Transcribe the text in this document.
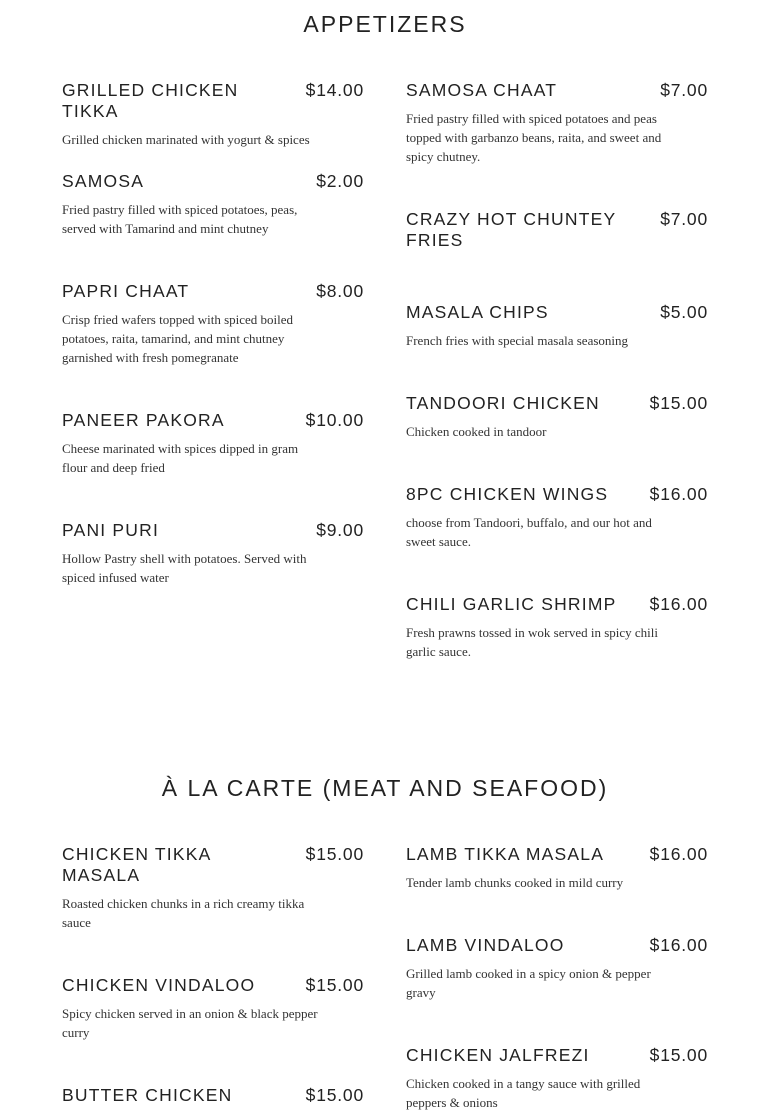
APPETIZERS
GRILLED CHICKEN TIKKA
$14.00
Grilled chicken marinated with yogurt & spices
SAMOSA	$2.00
Fried pastry filled with spiced potatoes, peas, served with Tamarind and mint chutney
PAPRI CHAAT	$8.00
Crisp fried wafers topped with spiced boiled potatoes, raita, tamarind, and mint chutney garnished with fresh pomegranate
PANEER PAKORA	$10.00
Cheese marinated with spices dipped in gram flour and deep fried
PANI PURI	$9.00
Hollow Pastry shell with potatoes. Served with spiced infused water
SAMOSA CHAAT	$7.00
Fried pastry filled with spiced potatoes and peas topped with garbanzo beans, raita, and sweet and spicy chutney.
CRAZY HOT CHUNTEY FRIES
$7.00
MASALA CHIPS	$5.00
French fries with special masala seasoning
TANDOORI CHICKEN	$15.00
Chicken cooked in tandoor
8PC CHICKEN WINGS	$16.00
choose from Tandoori, buffalo, and our hot and sweet sauce.
CHILI GARLIC SHRIMP	$16.00
Fresh prawns tossed in wok served in spicy chili garlic sauce.
À LA CARTE (MEAT AND SEAFOOD)
CHICKEN TIKKA MASALA
$15.00
Roasted chicken chunks in a rich creamy tikka sauce
CHICKEN VINDALOO	$15.00
Spicy chicken served in an onion & black pepper curry
BUTTER CHICKEN	$15.00
LAMB TIKKA MASALA	$16.00
Tender lamb chunks cooked in mild curry
LAMB VINDALOO	$16.00
Grilled lamb cooked in a spicy onion & pepper gravy
CHICKEN JALFREZI	$15.00
Chicken cooked in a tangy sauce with grilled peppers & onions
